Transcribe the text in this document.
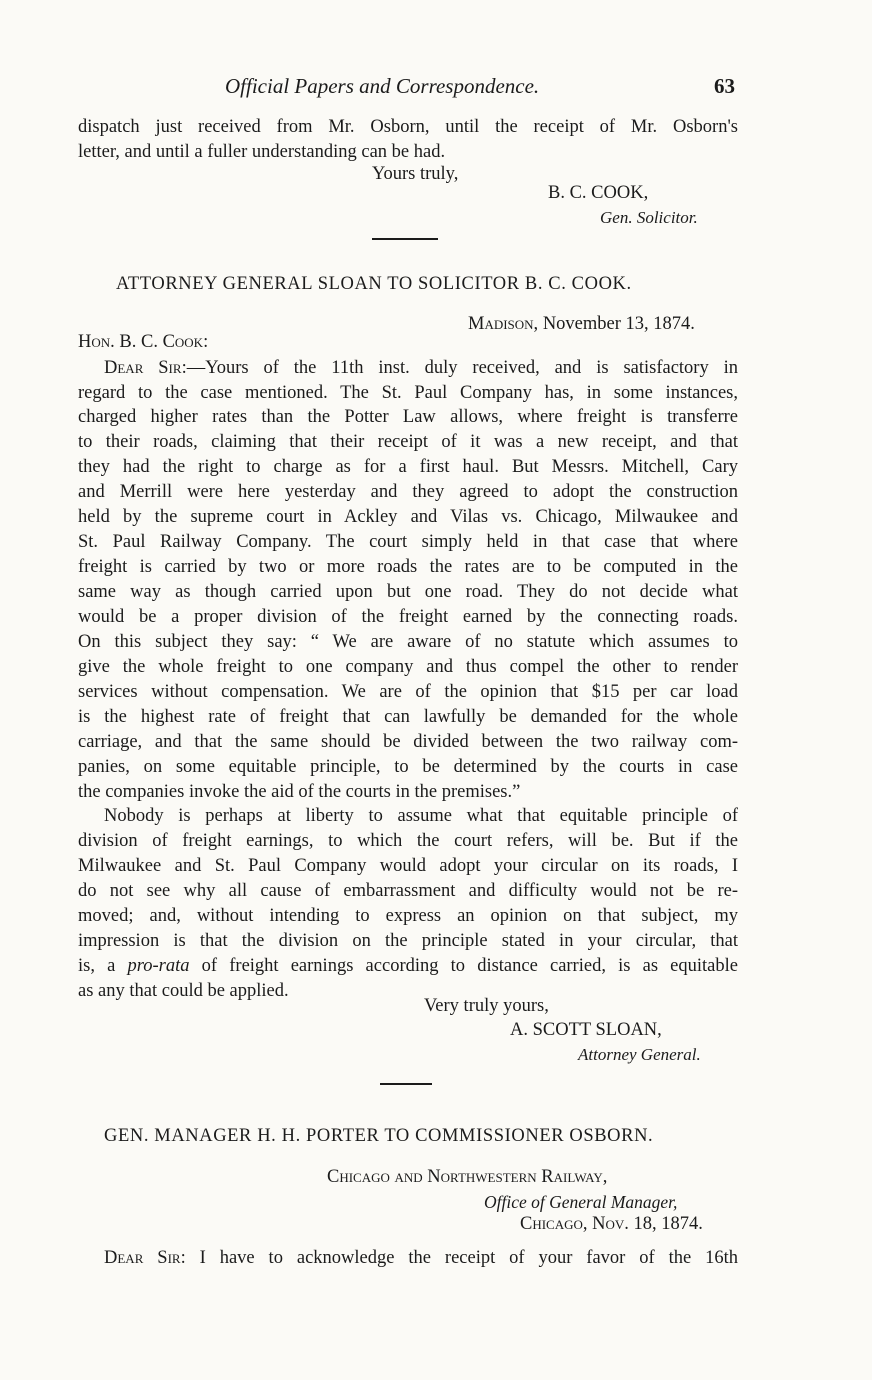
Official Papers and Correspondence.	63
dispatch just received from Mr. Osborn, until the receipt of Mr. Osborn's
letter, and until a fuller understanding can be had.
Yours truly,
B. C. COOK,
Gen. Solicitor.
ATTORNEY GENERAL SLOAN TO SOLICITOR B. C. COOK.
Madison, November 13, 1874.
Hon. B. C. Cook:
Dear Sir:—Yours of the 11th inst. duly received, and is satisfactory in
regard to the case mentioned. The St. Paul Company has, in some instances,
charged higher rates than the Potter Law allows, where freight is transferre
to their roads, claiming that their receipt of it was a new receipt, and that
they had the right to charge as for a first haul. But Messrs. Mitchell, Cary
and Merrill were here yesterday and they agreed to adopt the construction
held by the supreme court in Ackley and Vilas vs. Chicago, Milwaukee and
St. Paul Railway Company. The court simply held in that case that where
freight is carried by two or more roads the rates are to be computed in the
same way as though carried upon but one road. They do not decide what
would be a proper division of the freight earned by the connecting roads.
On this subject they say: “ We are aware of no statute which assumes to
give the whole freight to one company and thus compel the other to render
services without compensation. We are of the opinion that $15 per car load
is the highest rate of freight that can lawfully be demanded for the whole
carriage, and that the same should be divided between the two railway com-
panies, on some equitable principle, to be determined by the courts in case
the companies invoke the aid of the courts in the premises.”
Nobody is perhaps at liberty to assume what that equitable principle of
division of freight earnings, to which the court refers, will be. But if the
Milwaukee and St. Paul Company would adopt your circular on its roads, I
do not see why all cause of embarrassment and difficulty would not be re-
moved; and, without intending to express an opinion on that subject, my
impression is that the division on the principle stated in your circular, that
is, a pro-rata of freight earnings according to distance carried, is as equitable
as any that could be applied.
Very truly yours,
A. SCOTT SLOAN,
Attorney General.
GEN. MANAGER H. H. PORTER TO COMMISSIONER OSBORN.
Chicago and Northwestern Railway,
Office of General Manager,
Chicago, Nov. 18, 1874.
Dear Sir: I have to acknowledge the receipt of your favor of the 16th
